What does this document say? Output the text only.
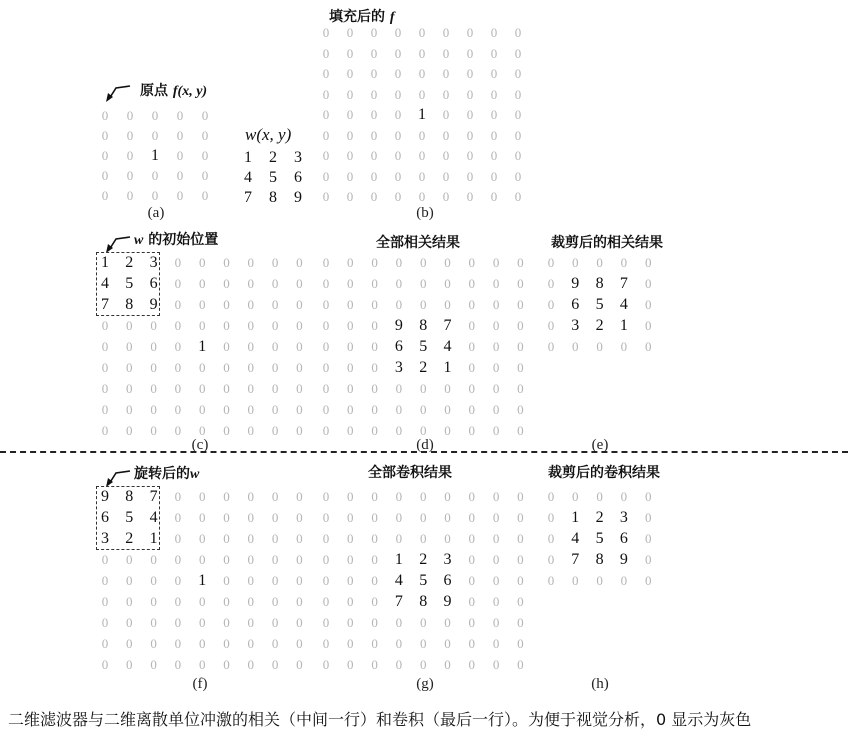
填充后的 f
原点 f(x, y)
w(x, y)
w 的初始位置	全部相关结果	裁剪后的相关结果
旋转后的w	全部卷积结果	裁剪后的卷积结果
(a)	(b)
(c)	(d)	(e)
(f)	(g)	(h)
0	0	0	0	0
0	0	0	0	0
0	0	1	0	0
0	0	0	0	0
0	0	0	0	0
1	2	3
4	5	6
7	8	9
0	0	0	0	0	0	0	0	0
0	0	0	0	0	0	0	0	0
0	0	0	0	0	0	0	0	0
0	0	0	0	0	0	0	0	0
0	0	0	0	1	0	0	0	0
0	0	0	0	0	0	0	0	0
0	0	0	0	0	0	0	0	0
0	0	0	0	0	0	0	0	0
0	0	0	0	0	0	0	0	0
1	2	3	0	0	0	0	0	0
4	5	6	0	0	0	0	0	0
7	8	9	0	0	0	0	0	0
0	0	0	0	0	0	0	0	0
0	0	0	0	1	0	0	0	0
0	0	0	0	0	0	0	0	0
0	0	0	0	0	0	0	0	0
0	0	0	0	0	0	0	0	0
0	0	0	0	0	0	0	0	0
0	0	0	0	0	0	0	0	0
0	0	0	0	0	0	0	0	0
0	0	0	0	0	0	0	0	0
0	0	0	9	8	7	0	0	0
0	0	0	6	5	4	0	0	0
0	0	0	3	2	1	0	0	0
0	0	0	0	0	0	0	0	0
0	0	0	0	0	0	0	0	0
0	0	0	0	0	0	0	0	0
0	0	0	0	0
0	9	8	7	0
0	6	5	4	0
0	3	2	1	0
0	0	0	0	0
9	8	7	0	0	0	0	0	0
6	5	4	0	0	0	0	0	0
3	2	1	0	0	0	0	0	0
0	0	0	0	0	0	0	0	0
0	0	0	0	1	0	0	0	0
0	0	0	0	0	0	0	0	0
0	0	0	0	0	0	0	0	0
0	0	0	0	0	0	0	0	0
0	0	0	0	0	0	0	0	0
0	0	0	0	0	0	0	0	0
0	0	0	0	0	0	0	0	0
0	0	0	0	0	0	0	0	0
0	0	0	1	2	3	0	0	0
0	0	0	4	5	6	0	0	0
0	0	0	7	8	9	0	0	0
0	0	0	0	0	0	0	0	0
0	0	0	0	0	0	0	0	0
0	0	0	0	0	0	0	0	0
0	0	0	0	0
0	1	2	3	0
0	4	5	6	0
0	7	8	9	0
0	0	0	0	0
二维滤波器与二维离散单位冲激的相关（中间一行）和卷积（最后一行）。为便于视觉分析，0 显示为灰色
